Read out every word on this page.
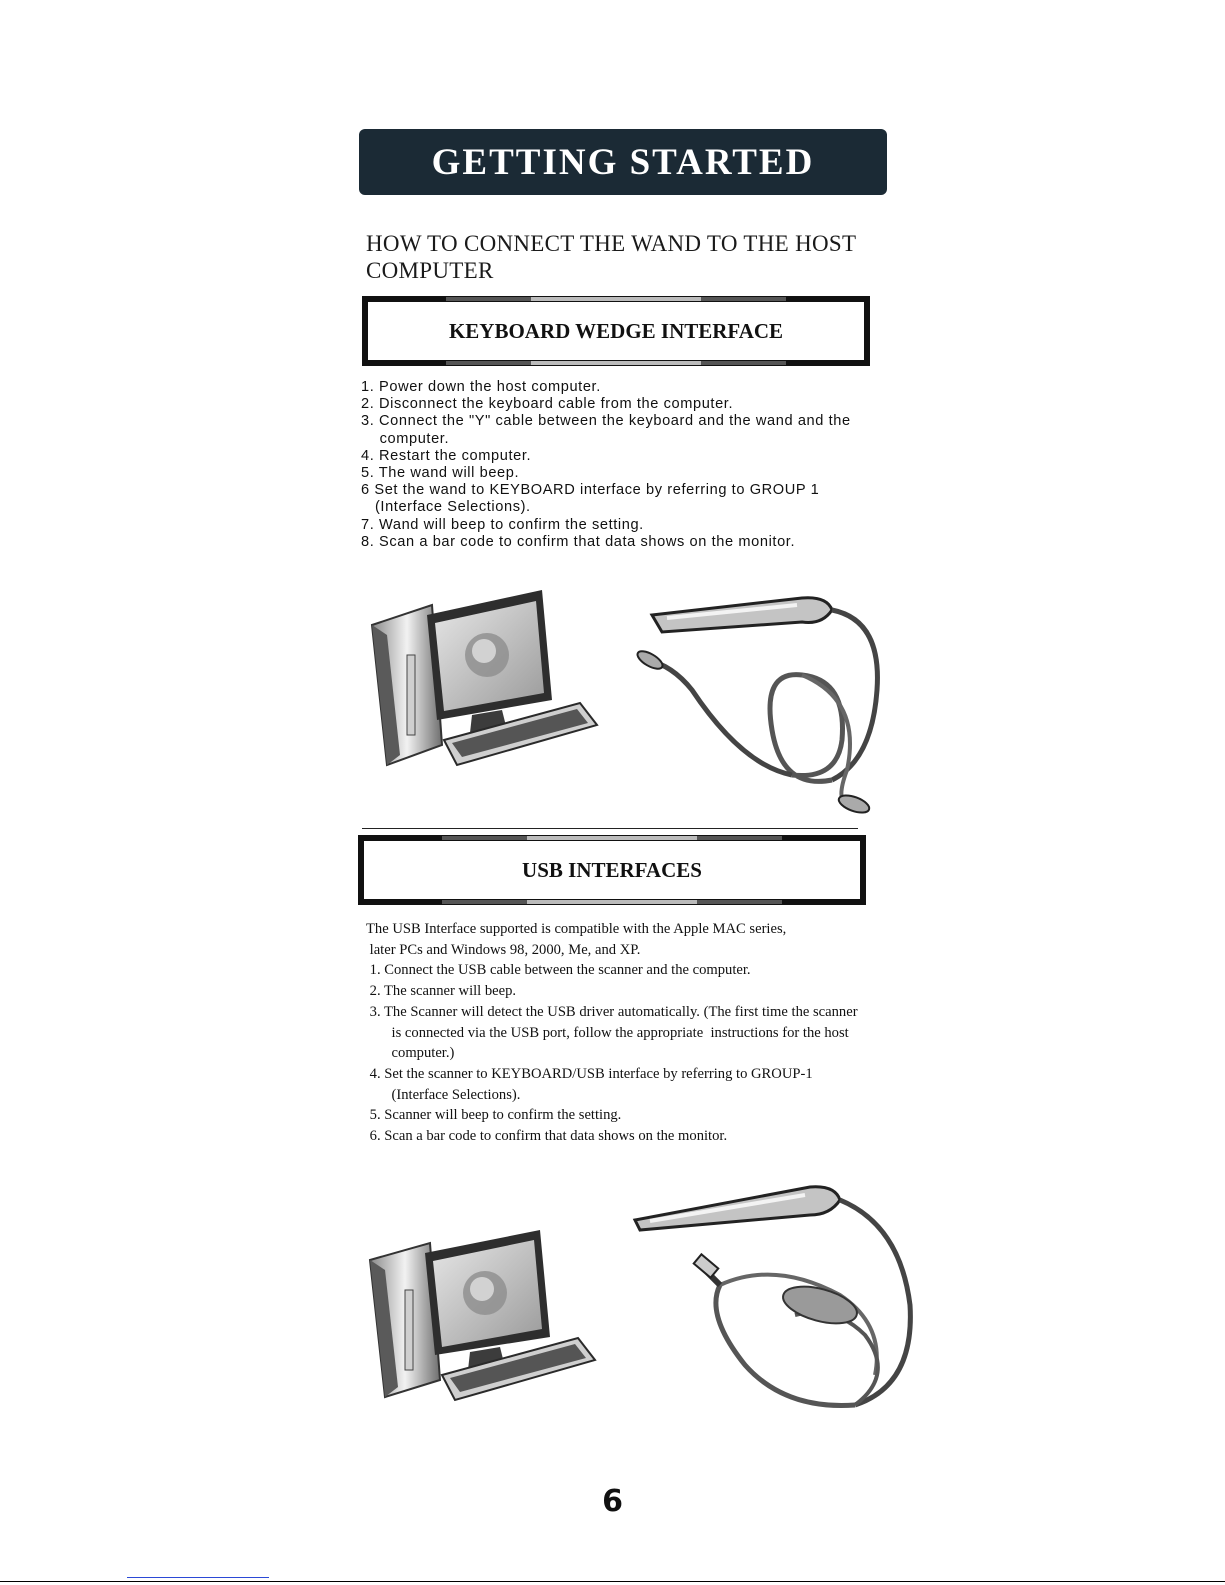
GETTING STARTED
HOW TO CONNECT THE WAND TO THE HOST
COMPUTER
KEYBOARD WEDGE INTERFACE
1. Power down the host computer.
2. Disconnect the keyboard cable from the computer.
3. Connect the "Y" cable between the keyboard and the wand and the
computer.
4. Restart the computer.
5. The wand will beep.
6 Set the wand to KEYBOARD interface by referring to GROUP 1
(Interface Selections).
7. Wand will beep to confirm the setting.
8. Scan a bar code to confirm that data shows on the monitor.
USB INTERFACES

The USB Interface supported is compatible with the Apple MAC series,

later PCs and Windows 98, 2000, Me, and XP.

1. Connect the USB cable between the scanner and the computer.

2. The scanner will beep.

3. The Scanner will detect the USB driver automatically. (The first time the scanner

is connected via the USB port, follow the appropriate  instructions for the host

computer.)

4. Set the scanner to KEYBOARD/USB interface by referring to GROUP-1

(Interface Selections).

5. Scanner will beep to confirm the setting.

6. Scan a bar code to confirm that data shows on the monitor.

6
